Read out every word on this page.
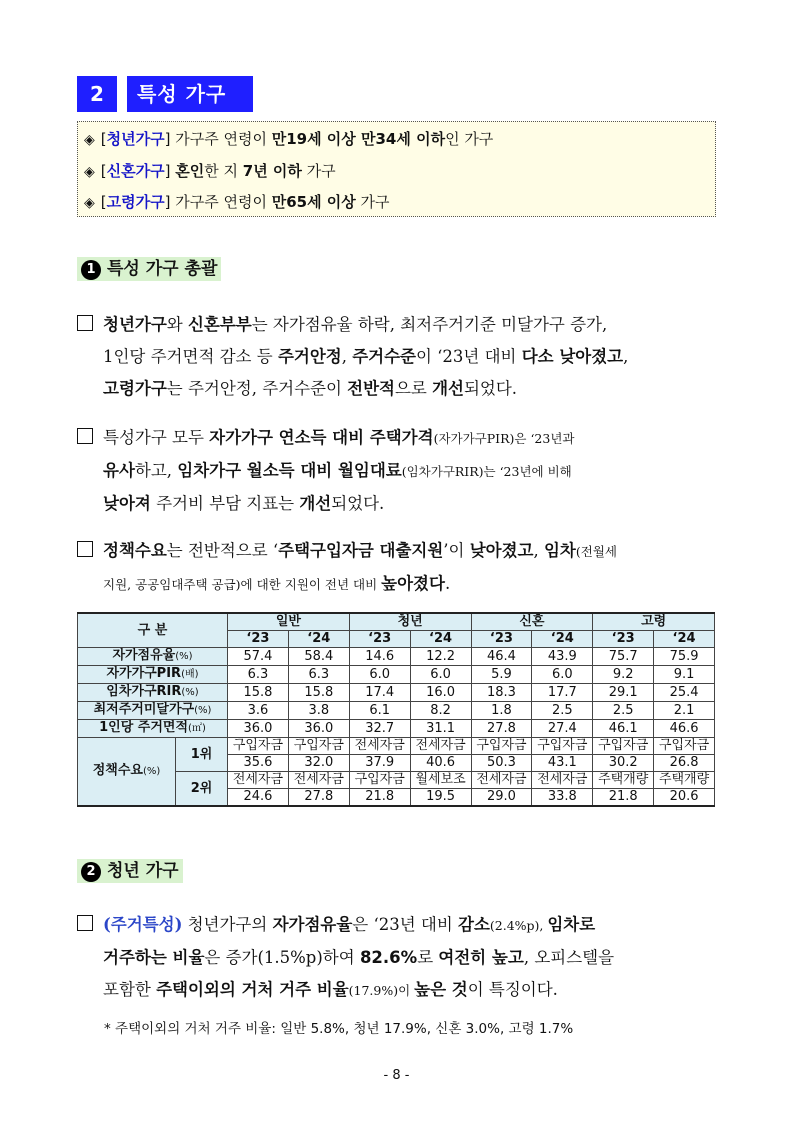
2	특성 가구
◈ [청년가구] 가구주 연령이 만19세 이상 만34세 이하인 가구
◈ [신혼가구] 혼인한 지 7년 이하 가구
◈ [고령가구] 가구주 연령이 만65세 이상 가구
1 특성 가구 총괄
청년가구와 신혼부부는 자가점유율 하락, 최저주거기준 미달가구 증가,
1인당 주거면적 감소 등 주거안정, 주거수준이 ‘23년 대비 다소 낮아졌고,
고령가구는 주거안정, 주거수준이 전반적으로 개선되었다.
특성가구 모두 자가가구 연소득 대비 주택가격(자가가구PIR)은 ‘23년과
유사하고, 임차가구 월소득 대비 월임대료(임차가구RIR)는 ‘23년에 비해
낮아져 주거비 부담 지표는 개선되었다.
정책수요는 전반적으로 ‘주택구입자금 대출지원’이 낮아졌고, 임차(전월세
지원, 공공임대주택 공급)에 대한 지원이 전년 대비 높아졌다.
구 분		일반		청년		신혼		고령	
		‘23	‘24	‘23	‘24	‘23	‘24	‘23	‘24
자가점유율(%)		57.4	58.4	14.6	12.2	46.4	43.9	75.7	75.9
자가가구PIR(배)		6.3	6.3	6.0	6.0	5.9	6.0	9.2	9.1
임차가구RIR(%)		15.8	15.8	17.4	16.0	18.3	17.7	29.1	25.4
최저주거미달가구(%)		3.6	3.8	6.1	8.2	1.8	2.5	2.5	2.1
1인당 주거면적(㎡)		36.0	36.0	32.7	31.1	27.8	27.4	46.1	46.6
정책수요(%)	1위	구입자금	구입자금	전세자금	전세자금	구입자금	구입자금	구입자금	구입자금
		35.6	32.0	37.9	40.6	50.3	43.1	30.2	26.8
	2위	전세자금	전세자금	구입자금	월세보조	전세자금	전세자금	주택개량	주택개량
		24.6	27.8	21.8	19.5	29.0	33.8	21.8	20.6
2 청년 가구
(주거특성) 청년가구의 자가점유율은 ‘23년 대비 감소(2.4%p), 임차로
거주하는 비율은 증가(1.5%p)하여 82.6%로 여전히 높고, 오피스텔을
포함한 주택이외의 거처 거주 비율(17.9%)이 높은 것이 특징이다.
* 주택이외의 거처 거주 비율: 일반 5.8%, 청년 17.9%, 신혼 3.0%, 고령 1.7%
- 8 -
